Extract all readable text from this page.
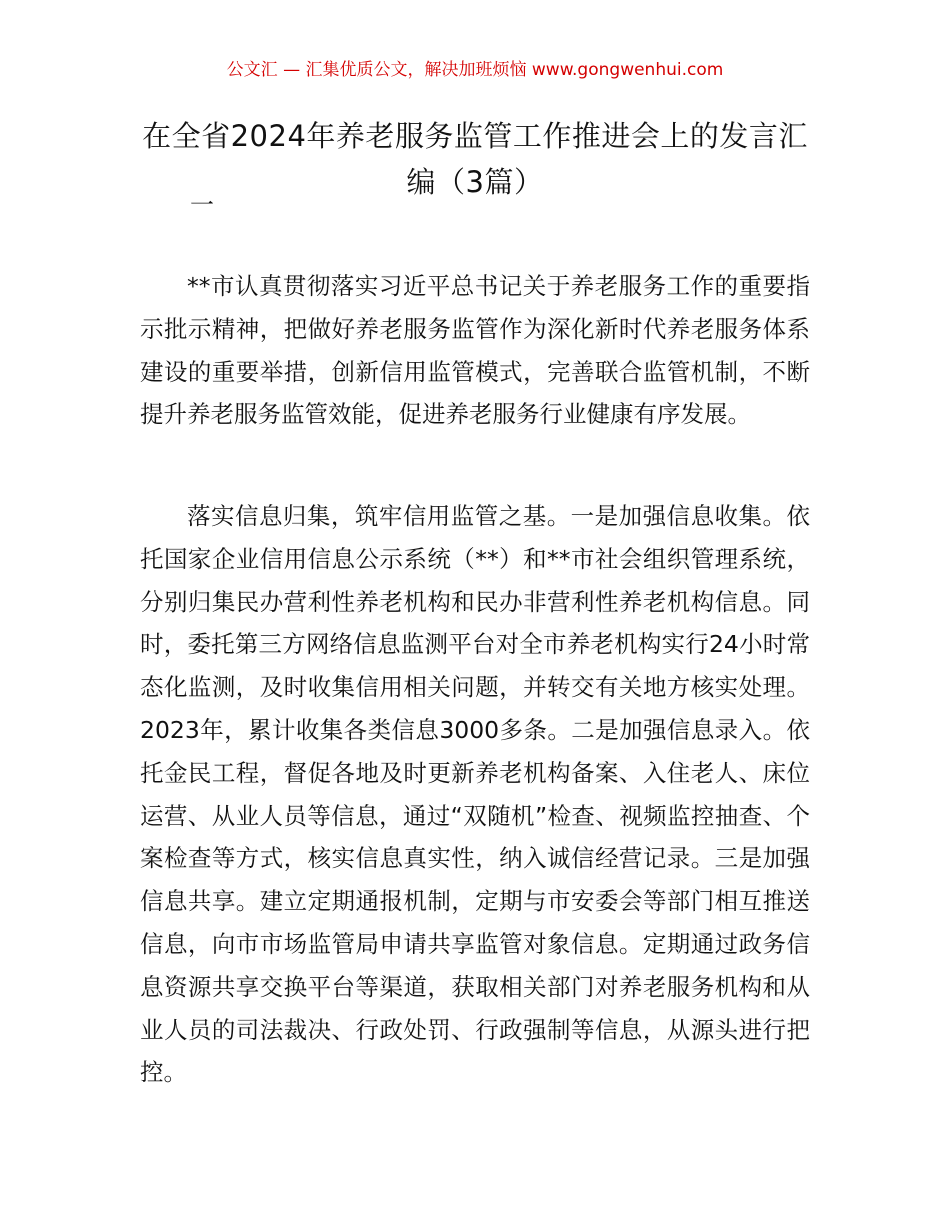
公文汇 — 汇集优质公文，解决加班烦恼 www.gongwenhui.com
在全省2024年养老服务监管工作推进会上的发言汇编（3篇）
一

**市认真贯彻落实习近平总书记关于养老服务工作的重要指示批示精神，把做好养老服务监管作为深化新时代养老服务体系建设的重要举措，创新信用监管模式，完善联合监管机制，不断提升养老服务监管效能，促进养老服务行业健康有序发展。

落实信息归集，筑牢信用监管之基。一是加强信息收集。依托国家企业信用信息公示系统（**）和**市社会组织管理系统，分别归集民办营利性养老机构和民办非营利性养老机构信息。同时，委托第三方网络信息监测平台对全市养老机构实行24小时常态化监测，及时收集信用相关问题，并转交有关地方核实处理。2023年，累计收集各类信息3000多条。二是加强信息录入。依托金民工程，督促各地及时更新养老机构备案、入住老人、床位运营、从业人员等信息，通过“双随机”检查、视频监控抽查、个案检查等方式，核实信息真实性，纳入诚信经营记录。三是加强信息共享。建立定期通报机制，定期与市安委会等部门相互推送信息，向市市场监管局申请共享监管对象信息。定期通过政务信息资源共享交换平台等渠道，获取相关部门对养老服务机构和从业人员的司法裁决、行政处罚、行政强制等信息，从源头进行把控。
